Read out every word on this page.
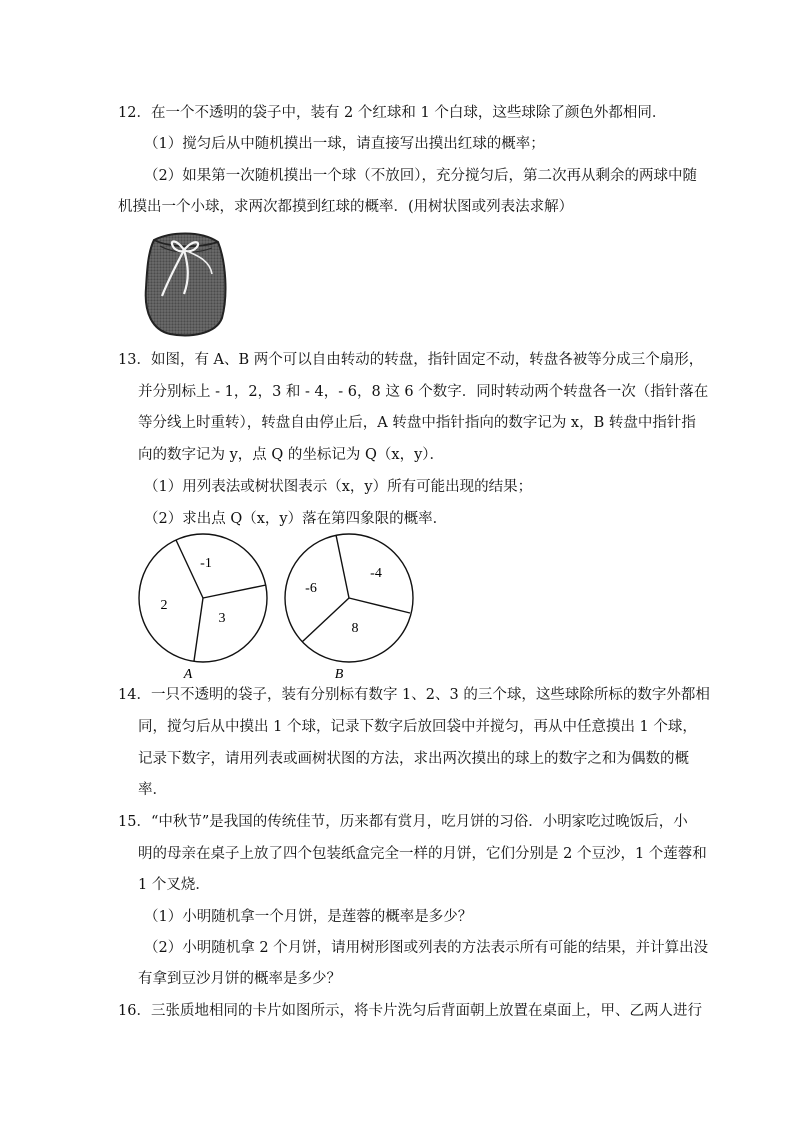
12．在一个不透明的袋子中，装有 2 个红球和 1 个白球，这些球除了颜色外都相同．
（1）搅匀后从中随机摸出一球，请直接写出摸出红球的概率；
（2）如果第一次随机摸出一个球（不放回），充分搅匀后，第二次再从剩余的两球中随
机摸出一个小球，求两次都摸到红球的概率．(用树状图或列表法求解）
13．如图，有 A、B 两个可以自由转动的转盘，指针固定不动，转盘各被等分成三个扇形，
并分别标上 - 1，2，3 和 - 4，- 6，8 这 6 个数字．同时转动两个转盘各一次（指针落在
等分线上时重转），转盘自由停止后，A 转盘中指针指向的数字记为 x，B 转盘中指针指
向的数字记为 y，点 Q 的坐标记为 Q（x，y）．
（1）用列表法或树状图表示（x，y）所有可能出现的结果；
（2）求出点 Q（x，y）落在第四象限的概率．
-1
2
3
-4
-6
8
A	B
14．一只不透明的袋子，装有分别标有数字 1、2、3 的三个球，这些球除所标的数字外都相
同，搅匀后从中摸出 1 个球，记录下数字后放回袋中并搅匀，再从中任意摸出 1 个球，
记录下数字，请用列表或画树状图的方法，求出两次摸出的球上的数字之和为偶数的概
率．
15．“中秋节”是我国的传统佳节，历来都有赏月，吃月饼的习俗．小明家吃过晚饭后，小
明的母亲在桌子上放了四个包装纸盒完全一样的月饼，它们分别是 2 个豆沙，1 个莲蓉和
1 个叉烧．
（1）小明随机拿一个月饼，是莲蓉的概率是多少？
（2）小明随机拿 2 个月饼，请用树形图或列表的方法表示所有可能的结果，并计算出没
有拿到豆沙月饼的概率是多少？
16．三张质地相同的卡片如图所示，将卡片洗匀后背面朝上放置在桌面上，甲、乙两人进行
